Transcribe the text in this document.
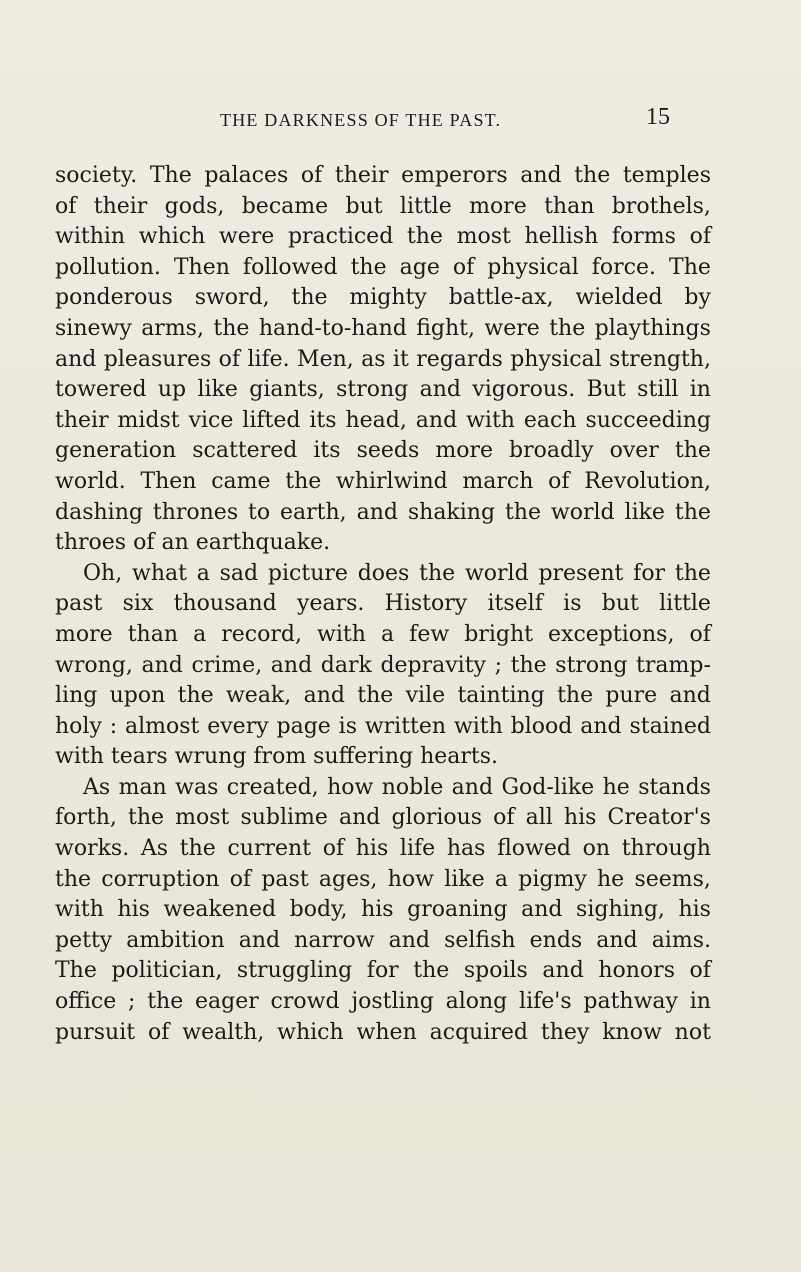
THE DARKNESS OF THE PAST.	15
society. The palaces of their emperors and the temples
of their gods, became but little more than brothels,
within which were practiced the most hellish forms of
pollution. Then followed the age of physical force. The
ponderous sword, the mighty battle-ax, wielded by
sinewy arms, the hand-to-hand fight, were the playthings
and pleasures of life. Men, as it regards physical strength,
towered up like giants, strong and vigorous. But still in
their midst vice lifted its head, and with each succeeding
generation scattered its seeds more broadly over the
world. Then came the whirlwind march of Revolution,
dashing thrones to earth, and shaking the world like the
throes of an earthquake.
Oh, what a sad picture does the world present for the
past six thousand years. History itself is but little
more than a record, with a few bright exceptions, of
wrong, and crime, and dark depravity ; the strong tramp-
ling upon the weak, and the vile tainting the pure and
holy : almost every page is written with blood and stained
with tears wrung from suffering hearts.
As man was created, how noble and God-like he stands
forth, the most sublime and glorious of all his Creator's
works. As the current of his life has flowed on through
the corruption of past ages, how like a pigmy he seems,
with his weakened body, his groaning and sighing, his
petty ambition and narrow and selfish ends and aims.
The politician, struggling for the spoils and honors of
office ; the eager crowd jostling along life's pathway in
pursuit of wealth, which when acquired they know not
